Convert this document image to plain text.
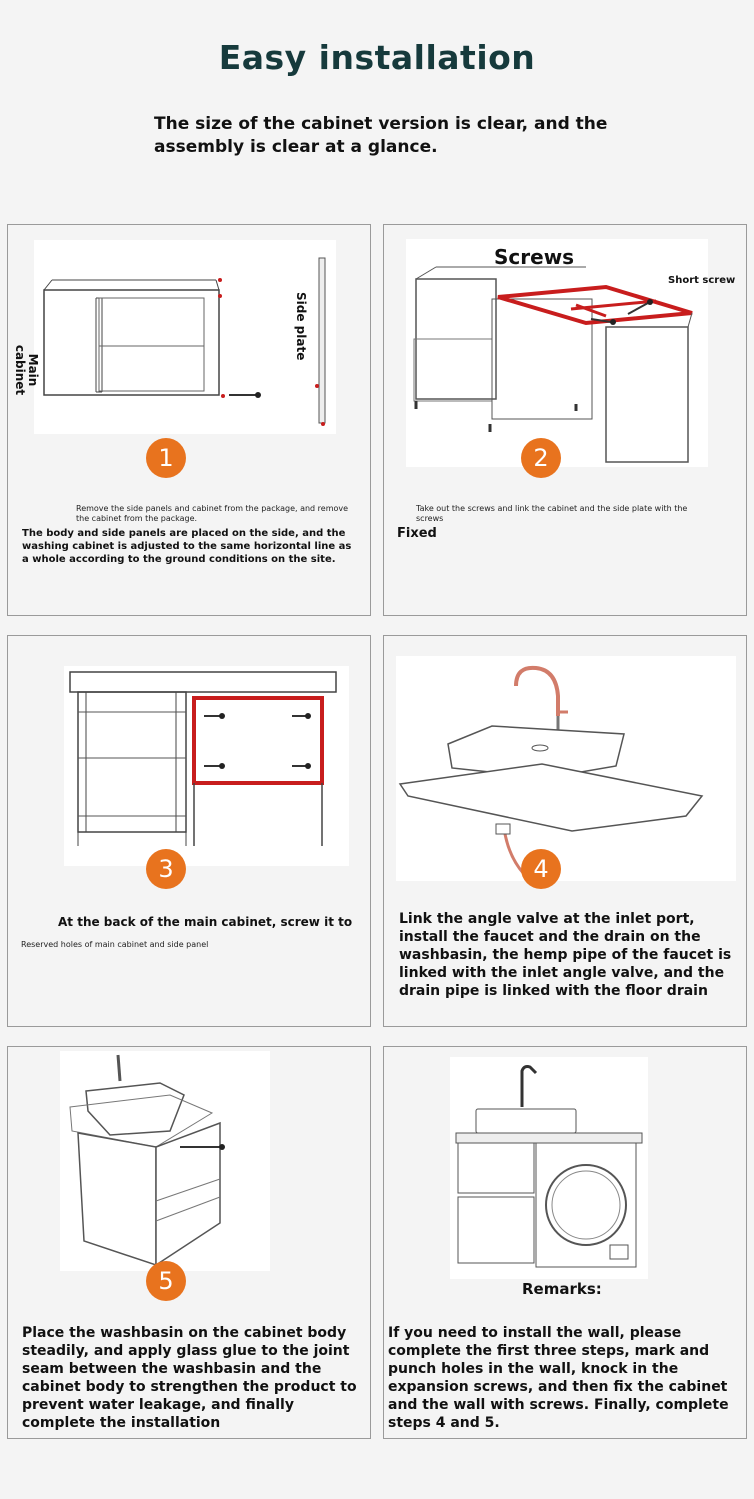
Easy installation
The size of the cabinet version is clear, and the assembly is clear at a glance.
Main cabinet
Side plate
1
Remove the side panels and cabinet from the package, and remove the cabinet from the package.
The body and side panels are placed on the side, and the washing cabinet is adjusted to the same horizontal line as a whole according to the ground conditions on the site.
Screws
Short screw
2
Take out the screws and link the cabinet and the side plate with the screws
Fixed
3
At the back of the main cabinet, screw it to
Reserved holes of main cabinet and side panel
4
Link the angle valve at the inlet port, install the faucet and the drain on the washbasin, the hemp pipe of the faucet is linked with the inlet angle valve, and the drain pipe is linked with the floor drain
5
Place the washbasin on the cabinet body steadily, and apply glass glue to the joint seam between the washbasin and the cabinet body to strengthen the product to prevent water leakage, and finally complete the installation
Remarks:
If you need to install the wall, please complete the first three steps, mark and punch holes in the wall, knock in the expansion screws, and then fix the cabinet and the wall with screws. Finally, complete steps 4 and 5.
